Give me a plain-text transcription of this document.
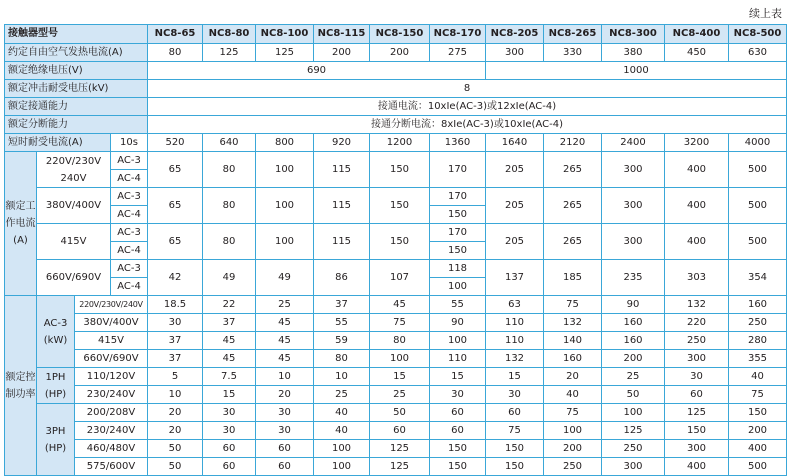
续上表
接触器型号				NC8-65	NC8-80	NC8-100	NC8-115	NC8-150	NC8-170	NC8-205	NC8-265	NC8-300	NC8-400	NC8-500
约定自由空气发热电流(A)				80	125	125	200	200	275	300	330	380	450	630
额定绝缘电压(V)				690						1000				
额定冲击耐受电压(kV)				8										
额定接通能力				接通电流：10xIe(AC-3)或12xIe(AC-4)										
额定分断能力				接通分断电流：8xIe(AC-3)或10xIe(AC-4)										
短时耐受电流(A)			10s	520	640	800	920	1200	1360	1640	2120	2400	3200	4000
额定工作电流(A)	220V/230V 240V		AC-3	65	80	100	115	150	170	205	265	300	400	500
			AC-4											
	380V/400V		AC-3	65	80	100	115	150	170	205	265	300	400	500
			AC-4						150					
	415V		AC-3	65	80	100	115	150	170	205	265	300	400	500
			AC-4						150					
	660V/690V		AC-3	42	49	49	86	107	118	137	185	235	303	354
			AC-4						100					
额定控制功率	AC-3 (kW)	220V/230V/240V		18.5	22	25	37	45	55	63	75	90	132	160
		380V/400V		30	37	45	55	75	90	110	132	160	220	250
		415V		37	45	45	59	80	100	110	140	160	250	280
		660V/690V		37	45	45	80	100	110	132	160	200	300	355
	1PH (HP)	110/120V		5	7.5	10	10	15	15	15	20	25	30	40
		230/240V		10	15	20	25	25	30	30	40	50	60	75
	3PH (HP)	200/208V		20	30	30	40	50	60	60	75	100	125	150
		230/240V		20	30	30	40	60	60	75	100	125	150	200
		460/480V		50	60	60	100	125	150	150	200	250	300	400
		575/600V		50	60	60	100	125	150	150	250	300	400	500
